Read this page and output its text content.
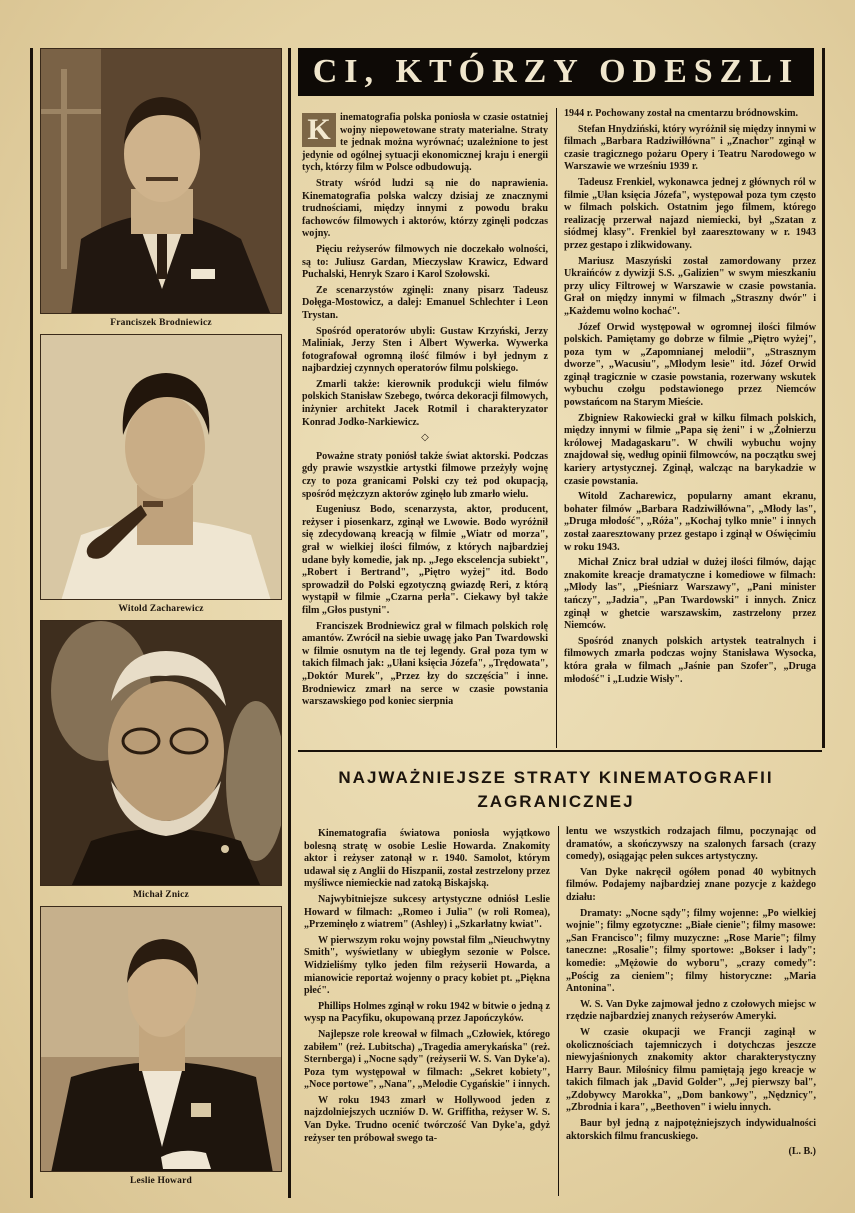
Franciszek Brodniewicz
Witold Zacharewicz
Michał Znicz
Leslie Howard
CI, KTÓRZY ODESZLI

K inematografia polska poniosła w czasie ostatniej wojny niepowetowane straty materialne. Straty te jednak można wyrównać; uzależnione to jest jedynie od ogólnej sytuacji ekonomicznej kraju i energii tych, którzy film w Polsce odbudowują.

Straty wśród ludzi są nie do naprawienia. Kinematografia polska walczy dzisiaj ze znacznymi trudnościami, między innymi z powodu braku fachowców filmowych i aktorów, którzy zginęli podczas wojny.

Pięciu reżyserów filmowych nie doczekało wolności, są to: Juliusz Gardan, Mieczysław Krawicz, Edward Puchalski, Henryk Szaro i Karol Szołowski.

Ze scenarzystów zginęli: znany pisarz Tadeusz Dołęga-Mostowicz, a dalej: Emanuel Schlechter i Leon Trystan.

Spośród operatorów ubyli: Gustaw Krzyński, Jerzy Maliniak, Jerzy Sten i Albert Wywerka. Wywerka fotografował ogromną ilość filmów i był jednym z najbardziej czynnych operatorów filmu polskiego.

Zmarli także: kierownik produkcji wielu filmów polskich Stanisław Szebego, twórca dekoracji filmowych, inżynier architekt Jacek Rotmil i charakteryzator Konrad Jodko-Narkiewicz.

◇

Poważne straty poniósł także świat aktorski. Podczas gdy prawie wszystkie artystki filmowe przeżyły wojnę czy to poza granicami Polski czy też pod okupacją, spośród mężczyzn aktorów zginęło lub zmarło wielu.

Eugeniusz Bodo, scenarzysta, aktor, producent, reżyser i piosenkarz, zginął we Lwowie. Bodo wyróżnił się zdecydowaną kreacją w filmie „Wiatr od morza", grał w wielkiej ilości filmów, z których najbardziej udane były komedie, jak np. „Jego ekscelencja subiekt", „Robert i Bertrand", „Piętro wyżej" itd. Bodo sprowadził do Polski egzotyczną gwiazdę Reri, z którą wystąpił w filmie „Czarna perła". Ciekawy był także film „Głos pustyni".

Franciszek Brodniewicz grał w filmach polskich rolę amantów. Zwrócił na siebie uwagę jako Pan Twardowski w filmie osnutym na tle tej legendy. Grał poza tym w takich filmach jak: „Ułani księcia Józefa", „Trędowata", „Doktór Murek", „Przez łzy do szczęścia" i inne. Brodniewicz zmarł na serce w czasie powstania warszawskiego pod koniec sierpnia

1944 r. Pochowany został na cmentarzu bródnowskim.

Stefan Hnydziński, który wyróżnił się między innymi w filmach „Barbara Radziwiłłówna" i „Znachor" zginął w czasie tragicznego pożaru Opery i Teatru Narodowego w Warszawie we wrześniu 1939 r.

Tadeusz Frenkiel, wykonawca jednej z głównych ról w filmie „Ułan księcia Józefa", występował poza tym często w filmach polskich. Ostatnim jego filmem, którego realizację przerwał najazd niemiecki, był „Szatan z siódmej klasy". Frenkiel był zaaresztowany w r. 1943 przez gestapo i zlikwidowany.

Mariusz Maszyński został zamordowany przez Ukraińców z dywizji S.S. „Galizien" w swym mieszkaniu przy ulicy Filtrowej w Warszawie w czasie powstania. Grał on między innymi w filmach „Straszny dwór" i „Każdemu wolno kochać".

Józef Orwid występował w ogromnej ilości filmów polskich. Pamiętamy go dobrze w filmie „Piętro wyżej", poza tym w „Zapomnianej melodii", „Strasznym dworze", „Wacusiu", „Młodym lesie" itd. Józef Orwid zginął tragicznie w czasie powstania, rozerwany wskutek wybuchu czołgu podstawionego przez Niemców powstańcom na Starym Mieście.

Zbigniew Rakowiecki grał w kilku filmach polskich, między innymi w filmie „Papa się żeni" i w „Żołnierzu królowej Madagaskaru". W chwili wybuchu wojny znajdował się, według opinii filmowców, na początku swej kariery artystycznej. Zginął, walcząc na barykadzie w czasie powstania.

Witold Zacharewicz, popularny amant ekranu, bohater filmów „Barbara Radziwiłłówna", „Młody las", „Druga młodość", „Róża", „Kochaj tylko mnie" i innych został zaaresztowany przez gestapo i zginął w Oświęcimiu w roku 1943.

Michał Znicz brał udział w dużej ilości filmów, dając znakomite kreacje dramatyczne i komediowe w filmach: „Młody las", „Pieśniarz Warszawy", „Pani minister tańczy", „Jadzia", „Pan Twardowski" i innych. Znicz zginął w ghetcie warszawskim, zastrzelony przez Niemców.

Spośród znanych polskich artystek teatralnych i filmowych zmarła podczas wojny Stanisława Wysocka, która grała w filmach „Jaśnie pan Szofer", „Druga młodość" i „Ludzie Wisły".

NAJWAŻNIEJSZE STRATY KINEMATOGRAFII
ZAGRANICZNEJ

Kinematografia światowa poniosła wyjątkowo bolesną stratę w osobie Leslie Howarda. Znakomity aktor i reżyser zatonął w r. 1940. Samolot, którym udawał się z Anglii do Hiszpanii, został zestrzelony przez myśliwce niemieckie nad zatoką Biskajską.

Najwybitniejsze sukcesy artystyczne odniósł Leslie Howard w filmach: „Romeo i Julia" (w roli Romea), „Przeminęło z wiatrem" (Ashley) i „Szkarłatny kwiat".

W pierwszym roku wojny powstał film „Nieuchwytny Smith", wyświetlany w ubiegłym sezonie w Polsce. Widzieliśmy tylko jeden film reżyserii Howarda, a mianowicie reportaż wojenny o pracy kobiet pt. „Piękna płeć".

Phillips Holmes zginął w roku 1942 w bitwie o jedną z wysp na Pacyfiku, okupowaną przez Japończyków.

Najlepsze role kreował w filmach „Człowiek, którego zabiłem" (reż. Lubitscha) „Tragedia amerykańska" (reż. Sternberga) i „Nocne sądy" (reżyserii W. S. Van Dyke'a). Poza tym występował w filmach: „Sekret kobiety", „Noce portowe", „Nana", „Melodie Cygańskie" i innych.

W roku 1943 zmarł w Hollywood jeden z najzdolniejszych uczniów D. W. Griffitha, reżyser W. S. Van Dyke. Trudno ocenić twórczość Van Dyke'a, gdyż reżyser ten próbował swego ta-

lentu we wszystkich rodzajach filmu, poczynając od dramatów, a skończywszy na szalonych farsach (crazy comedy), osiągając pełen sukces artystyczny.

Van Dyke nakręcił ogółem ponad 40 wybitnych filmów. Podajemy najbardziej znane pozycje z każdego działu:

Dramaty: „Nocne sądy"; filmy wojenne: „Po wielkiej wojnie"; filmy egzotyczne: „Białe cienie"; filmy masowe: „San Francisco"; filmy muzyczne: „Rose Marie"; filmy taneczne: „Rosalie"; filmy sportowe: „Bokser i lady"; komedie: „Mężowie do wyboru", „crazy comedy": „Pościg za cieniem"; filmy historyczne: „Maria Antonina".

W. S. Van Dyke zajmował jedno z czołowych miejsc w rzędzie najbardziej znanych reżyserów Ameryki.

W czasie okupacji we Francji zaginął w okolicznościach tajemniczych i dotychczas jeszcze niewyjaśnionych znakomity aktor charakterystyczny Harry Baur. Miłośnicy filmu pamiętają jego kreacje w takich filmach jak „David Golder", „Jej pierwszy bal", „Zdobywcy Marokka", „Dom bankowy", „Nędznicy", „Zbrodnia i kara", „Beethoven" i wielu innych.

Baur był jedną z najpotężniejszych indywidualności aktorskich filmu francuskiego.

(L. B.)
